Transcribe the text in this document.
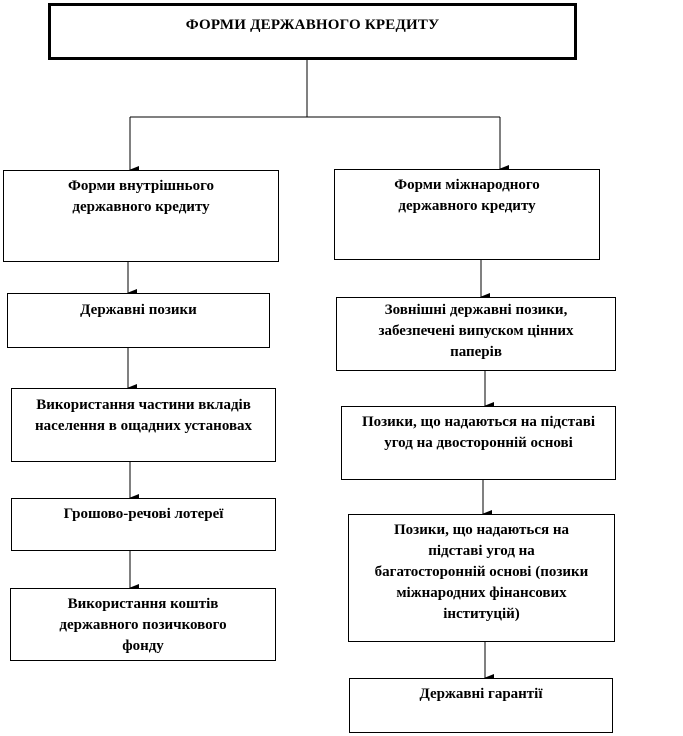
ФОРМИ ДЕРЖАВНОГО КРЕДИТУ
Форми внутрішнього державного кредиту
Форми міжнародного державного кредиту
Державні позики
Використання частини вкладів населення в ощадних установах
Грошово-речові лотереї
Використання коштів державного позичкового фонду
Зовнішні державні позики, забезпечені випуском цінних паперів
Позики, що надаються на підставі угод на двосторонній основі
Позики, що надаються на підставі угод на багатосторонній основі (позики міжнародних фінансових інституцій)
Державні гарантії
